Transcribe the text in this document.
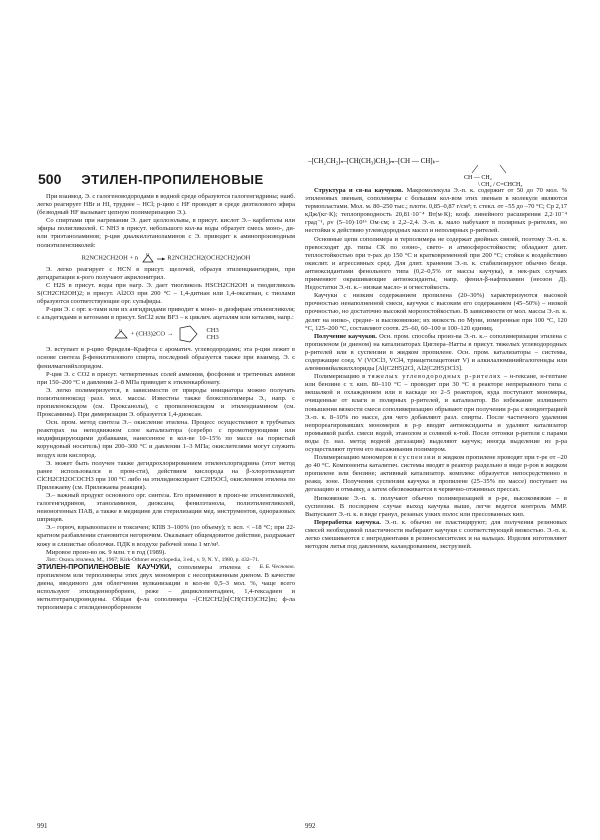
–[CH₂CH₂]ₙ–[CH(CH₃)CH₂]ₘ–[CH — CH]ₖ–
CH — CH₂
\ CH₂ / C=CHCH₃
500 ЭТИЛЕН-ПРОПИЛЕНОВЫЕ

При взаимод. Э. с галогеноводородами в водной среде образуются галогенгидрины; наиб. легко реагирует HBr и HI, труднее – HCl; р-цию с HF проводят в среде диэтилового эфира (безводный HF вызывает цепную полимеризацию Э.).

Со спиртами при нагревании Э. дает целлозольвы, в присут. кислот Э.– карбитолы или эфиры полигликолей. С NH3 в присут. небольшого кол-ва воды образует смесь моно-, ди- или триэтаноламинов; р-ция диалкилэтаноламинов с Э. приводит к аминопроизводным полиэтиленгликолей:

R2NCH2CH2OH + n O	R2NCH2CH2(OCH2CH2)nOH

Э. легко реагирует с HCN в присут. щелочей, образуя этиленциангидрин, при дегидратации к-рого получают акрилонитрил.

С H2S в присут. воды при нагр. Э. дает тиогликоль HSCH2CH2OH и тиодигликоль S(CH2CH2OH)2; в присут. Al2O3 при 200 °С – 1,4-дитиан или 1,4-оксатиан, с тиолами образуются соответствующие орг. сульфиды.

Р-ции Э. с орг. к-тами или их ангидридами приводит к моно- и диэфирам этиленгликоля; с альдегидами и кетонами в присут. SnCl2 или BF3 – к циклич. ацеталям или кеталям, напр.:

O + (CH3)2CO →	CH3
CH3

Э. вступает в р-цию Фриделя–Крафтса с ароматич. углеводородами; эта р-ция лежит в основе синтеза β-фенилэтилового спирта, последний образуется также при взаимод. Э. с фенилмагнийхлоридом.

Р-ция Э. с CO2 в присут. четвертичных солей аммония, фосфония и третичных аминов при 150–200 °С и давлении 2–8 МПа приводит к этиленкарбонату.

Э. легко полимеризуется, в зависимости от природы инициатора можно получать полиэтиленоксид разл. мол. массы. Известны также блоксополимеры Э., напр. с пропиленоксидом (см. Проксанолы), с пропиленоксидом и этилендиамином (см. Проксамины). При димеризации Э. образуется 1,4-диоксан.

Осн. пром. метод синтеза Э.– окисление этилена. Процесс осуществляют в трубчатых реакторах на неподвижном слое катализатора (серебро с промотирующими или модифицирующими добавками, нанесенное в кол-ве 10–15% по массе на пористый корундовый носитель) при 200–300 °С и давлении 1–3 МПа; окислителями могут служить воздух или кислород.

Э. может быть получен также дегидрохлорированием этиленхлоргидрина (этот метод ранее использовался в пром-сти), действием кислорода на β-хлорэтилацетат ClCH2CH2OCOCH3 при 100 °С либо на этилидиоксирант C2H5OCl, окислением этилена по Прилежаеву (см. Прилежаева реакция).

Э.– важный продукт основного орг. синтеза. Его применяют в произ-ве этиленгликолей, галогенгидринов, этаноламинов, диоксана, фенилэтанола, полиэтиленгликолей, неионогенных ПАВ, а также в медицине для стерилизации мед. инструментов, одноразовых шприцев.

Э.– горюч, взрывоопасен и токсичен; КПВ 3–100% (по объему); т. всп. < –18 °С; при 22-кратном разбавлении становится негорючим. Оказывает общеядовитое действие, раздражает кожу и слизистые оболочки. ПДК в воздухе рабочей зоны 1 мг/м³.

Мировое произ-во ок. 9 млн. т в год (1989).

Лит.: Окись этилена, М., 1967; Kirk-Othmer encyclopedia, 3 ed., v. 9, N. Y., 1980, p. 432–71.
Б. Б. Чесноков.

ЭТИЛЕН-ПРОПИЛЕНОВЫЕ КАУЧУКИ, сополимеры этилена с пропиленом или терполимеры этих двух мономеров с несопряженным диеном. В качестве диена, вводимого для облегчения вулканизации в кол-ве 0,5–3 мол. %, чаще всего используют этилиденнорборнен, реже – дициклопентадиен, 1,4-гексадиен и метилтетрагидроиндены. Общая ф-ла сополимера –[CH2CH2]n[CH(CH3)CH2]m; ф-ла терполимера с этилиденнорборненом

Структура и св-ва каучуков. Макромолекула Э.-п. к. содержит от 50 до 70 мол. % этиленовых звеньев, сополимеры с большим кол-вом этих звеньев в молекуле являются термопластами. Мол. м. 80–250 тыс.; плотн. 0,85–0,87 г/см³; т. стекл. от –55 до –70 °С; Cp 2,17 кДж/(кг·К); теплопроводность 20,81·10⁻⁴ Вт(м·К); коэф. линейного расширения 2,2·10⁻⁴ град⁻¹, ρv (5–10)·10¹⁶ Ом·см; ε 2,2–2,4. Э.-п. к. мало набухают в полярных р-рителях, но нестойки к действию углеводородных масел и неполярных р-рителей.

Основные цепи сополимера и терполимера не содержат двойных связей, поэтому Э.-п. к. превосходят др. типы СК по озоно-, свето- и атмосферостойкости; обладают длит. теплостойкостью при т-рах до 150 °С и кратковременной при 200 °С; стойки к воздействию окислит. и агрессивных сред. Для длит. хранения Э.-п. к. стабилизируют обычно безцв. антиоксидантами фенольного типа (0,2–0,5% от массы каучука), в нек-рых случаях применяют окрашивающие антиоксиданты, напр. фенил-β-нафтиламин (неозон Д). Недостатки Э.-п. к.– низкая масло- и огнестойкость.

Каучуки с низким содержанием пропилена (20–30%) характеризуются высокой прочностью ненаполненной смеси, каучуки с высоким его содержанием (45–50%) – низкой прочностью, но достаточно высокой морозостойкостью. В зависимости от мол. массы Э.-п. к. делят на низко-, средне- и высоковязкие; их вязкость по Муни, измеренные при 100 °С, 120 °С, 125–200 °С, составляют соотв. 25–60, 60–100 и 100–120 единиц.

Получение каучуков. Осн. пром. способы произ-ва Э.-п. к.– сополимеризация этилена с пропиленом (и диеном) на катализаторах Циглера–Натты в присут. тяжелых углеводородных р-рителей или в суспензии в жидком пропилене. Осн. пром. катализаторы – системы, содержащие соед. V (VOCl3, VCl4, триацетилацетонат V) и алкилалюминийгалогениды или алюминийалкилхлориды [Al(C2H5)2Cl, Al2(C2H5)3Cl3].

Полимеризацию в тяжелых углеводородных р-рителях – н-гексане, н-гептане или бензине с т. кип. 80–110 °С – проводят при 30 °С в реакторе непрерывного типа с мешалкой и охлаждением или в каскаде из 2–5 реакторов, куда поступают мономеры, очищенные от влаги и полярных р-рителей, и катализатор. Во избежание излишнего повышения вязкости смеси сополимеризацию обрывают при получении р-ра с концентрацией Э.-п. к. 8–10% по массе, для чего добавляют разл. спирты. После частичного удаления непрореагировавших мономеров в р-р вводят антиоксиданты и удаляют катализатор промывкой разбл. смеси водой, этанолом и соляной к-той. После отгонки р-рителя с парами воды (т. наз. метод водной дегазации) выделяют каучук; иногда выделение из р-ра осуществляют путем его высаживания полимером.

Полимеризацию мономеров в суспензии в жидком пропилене проводят при т-ре от –20 до 40 °С. Компоненты каталитич. системы вводят в реактор раздельно в виде р-ров в жидком пропилене или бензине; активный катализатор. комплекс образуется непосредственно в реакц. зоне. Получения суспензия каучука в пропилене (25–35% по массе) поступает на дегазацию и отмывку, а затем обезвоживается в червячно-отжимных прессах.

Низковязкие Э.-п. к. получают обычно полимеризацией в р-ре, высоковязкие – в суспензии. В последнем случае выход каучука выше, легче ведется контроль ММР. Выпускают Э.-п. к. в виде гранул, резаных узких полос или прессованных кип.

Переработка каучука. Э.-п. к. обычно не пластицируют; для получения резиновых смесей необходимой пластичности выбирают каучуки с соответствующей вязкостью. Э.-п. к. легко смешиваются с ингредиентами в резиносмесителях и на вальцах. Изделия изготовляют методом литья под давлением, каландрованием, экструзией.

991	992
